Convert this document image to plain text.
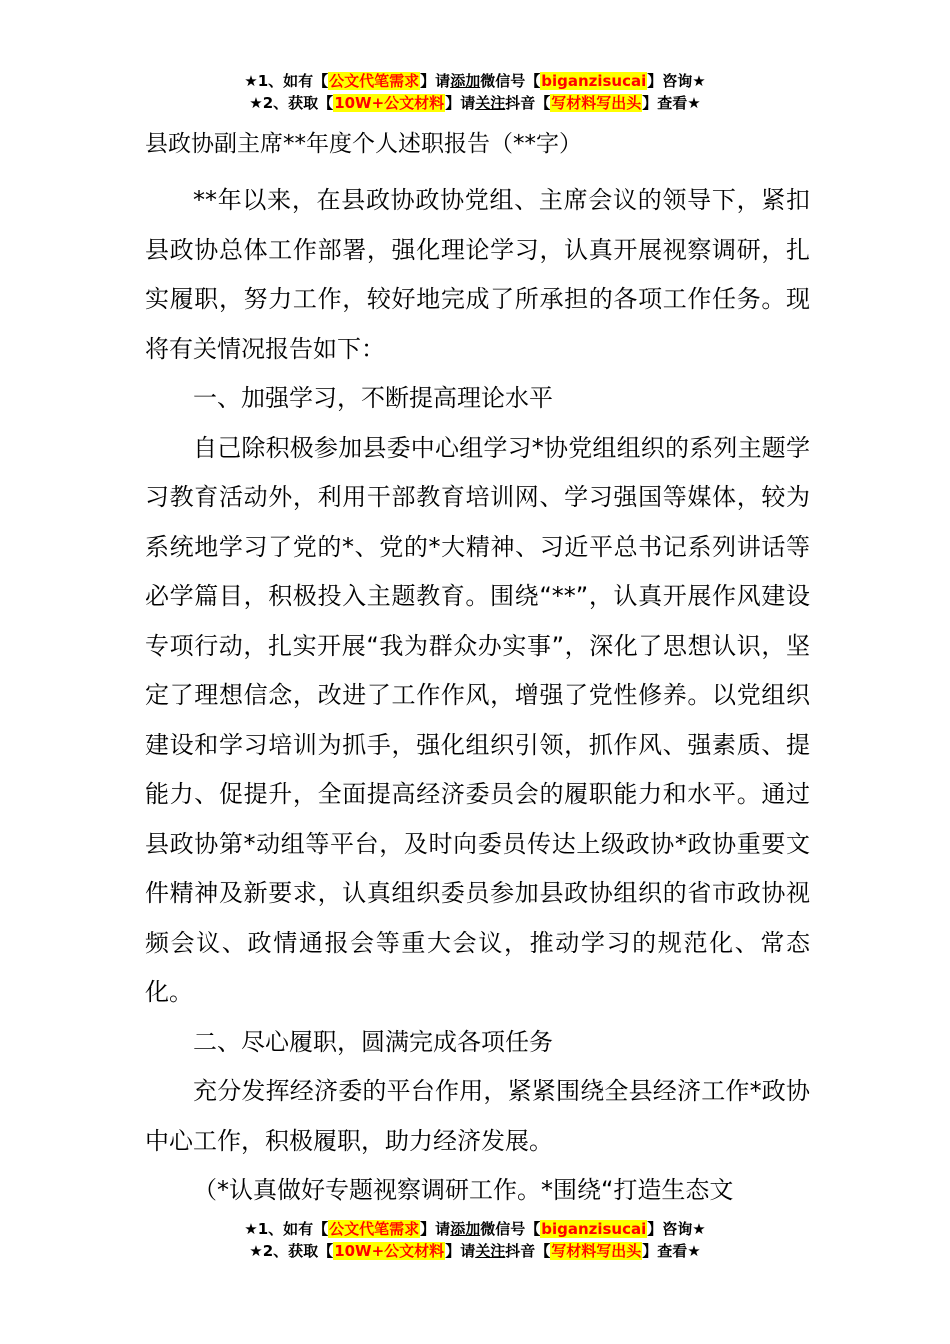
★1、如有【公文代笔需求】请添加微信号【biganzisucai】咨询★
★2、获取【10W+公文材料】请关注抖音【写材料写出头】查看★

县政协副主席**年度个人述职报告（**字）

**年以来，在县政协政协党组、主席会议的领导下，紧扣县政协总体工作部署，强化理论学习，认真开展视察调研，扎实履职，努力工作，较好地完成了所承担的各项工作任务。现将有关情况报告如下：

一、加强学习，不断提高理论水平

自己除积极参加县委中心组学习*协党组组织的系列主题学习教育活动外，利用干部教育培训网、学习强国等媒体，较为系统地学习了党的*、党的*大精神、习近平总书记系列讲话等必学篇目，积极投入主题教育。围绕“**”，认真开展作风建设专项行动，扎实开展“我为群众办实事”，深化了思想认识，坚定了理想信念，改进了工作作风，增强了党性修养。以党组织建设和学习培训为抓手，强化组织引领，抓作风、强素质、提能力、促提升，全面提高经济委员会的履职能力和水平。通过县政协第*动组等平台，及时向委员传达上级政协*政协重要文件精神及新要求，认真组织委员参加县政协组织的省市政协视频会议、政情通报会等重大会议，推动学习的规范化、常态化。

二、尽心履职，圆满完成各项任务

充分发挥经济委的平台作用，紧紧围绕全县经济工作*政协中心工作，积极履职，助力经济发展。

（*认真做好专题视察调研工作。*围绕“打造生态文

★1、如有【公文代笔需求】请添加微信号【biganzisucai】咨询★
★2、获取【10W+公文材料】请关注抖音【写材料写出头】查看★
